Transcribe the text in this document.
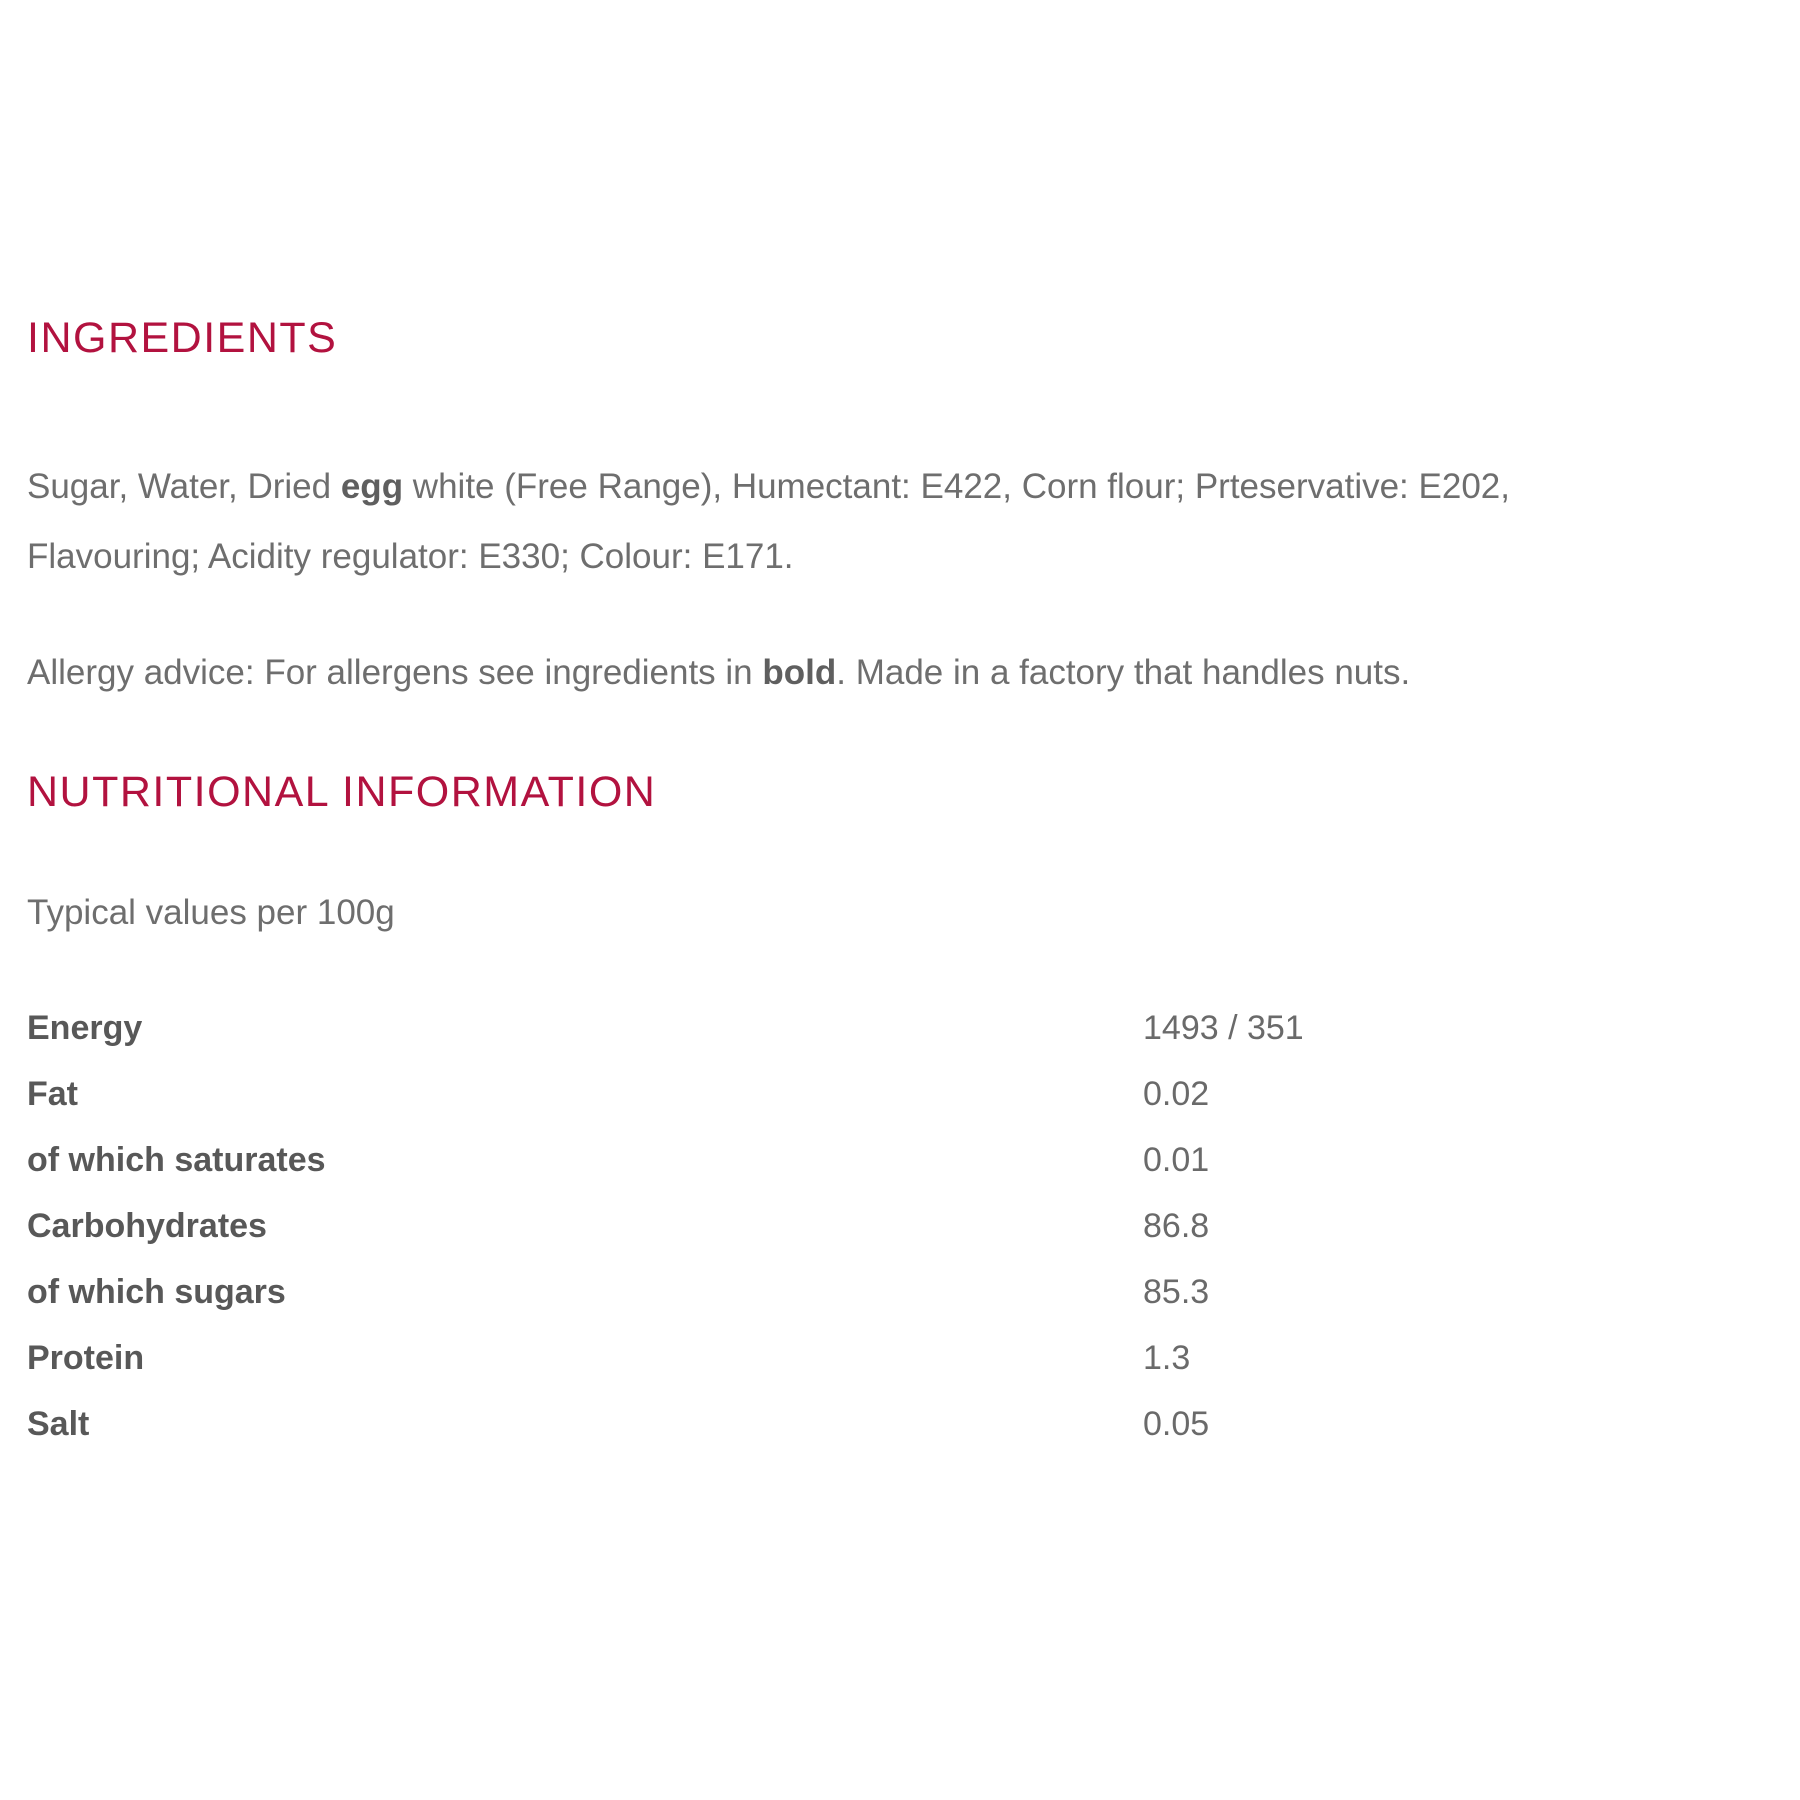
INGREDIENTS

Sugar, Water, Dried egg white (Free Range), Humectant: E422, Corn flour; Prteservative: E202, Flavouring; Acidity regulator: E330; Colour: E171.

Allergy advice: For allergens see ingredients in bold. Made in a factory that handles nuts.

NUTRITIONAL INFORMATION

Typical values per 100g

Energy	1493 / 351
Fat	0.02
of which saturates	0.01
Carbohydrates	86.8
of which sugars	85.3
Protein	1.3
Salt	0.05
